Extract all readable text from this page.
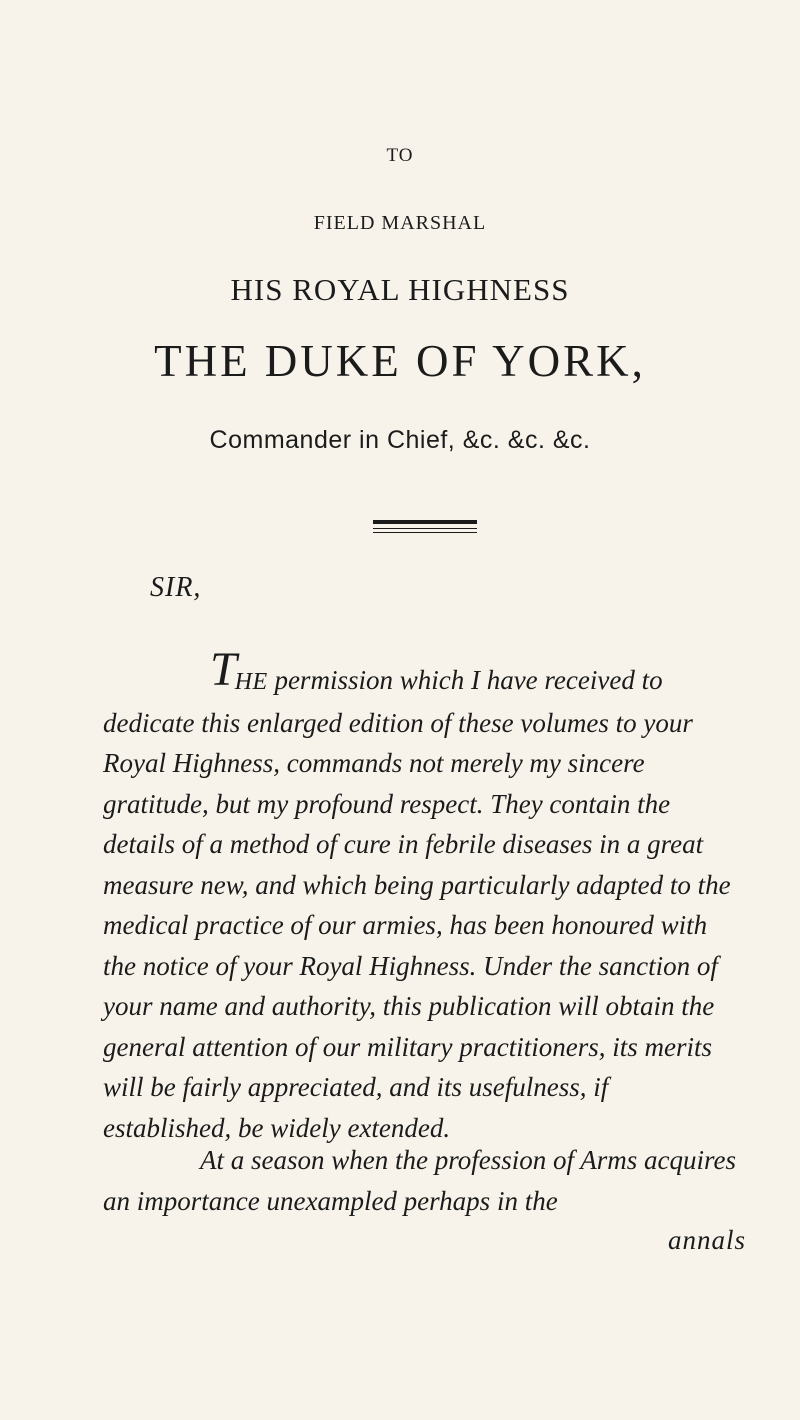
TO
FIELD MARSHAL
HIS ROYAL HIGHNESS
THE DUKE OF YORK,
Commander in Chief, &c. &c. &c.
SIR,
THE permission which I have received to dedicate this enlarged edition of these volumes to your Royal Highness, commands not merely my sincere gratitude, but my profound respect. They contain the details of a method of cure in febrile diseases in a great measure new, and which being particularly adapted to the medical practice of our armies, has been honoured with the notice of your Royal Highness. Under the sanction of your name and authority, this publication will obtain the general attention of our military practitioners, its merits will be fairly appreciated, and its usefulness, if established, be widely extended.
At a season when the profession of Arms acquires an importance unexampled perhaps in the
annals
